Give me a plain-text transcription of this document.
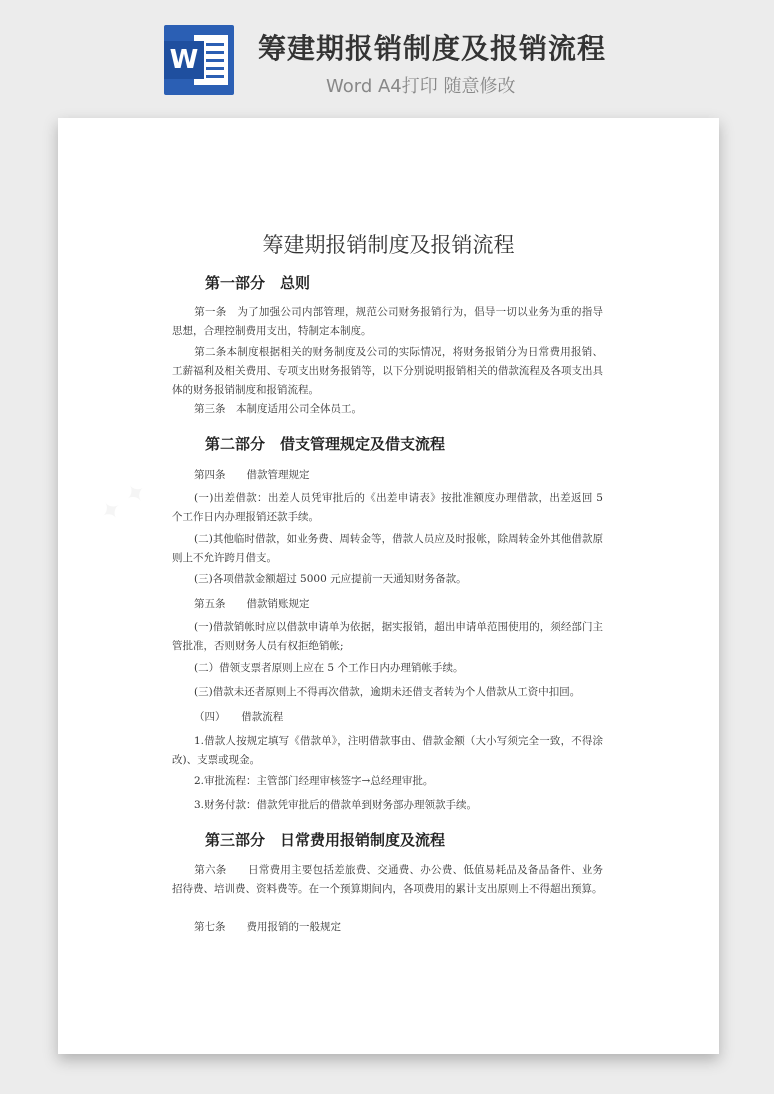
W 筹建期报销制度及报销流程
Word A4打印 随意修改
筹建期报销制度及报销流程
第一部分　总则
第一条　为了加强公司内部管理，规范公司财务报销行为，倡导一切以业务为重的指导思想，合理控制费用支出，特制定本制度。
第二条本制度根据相关的财务制度及公司的实际情况，将财务报销分为日常费用报销、工薪福利及相关费用、专项支出财务报销等，以下分别说明报销相关的借款流程及各项支出具体的财务报销制度和报销流程。
第三条　本制度适用公司全体员工。
第二部分　借支管理规定及借支流程
第四条　　借款管理规定
(一)出差借款：出差人员凭审批后的《出差申请表》按批准额度办理借款，出差返回 5 个工作日内办理报销还款手续。
(二)其他临时借款，如业务费、周转金等，借款人员应及时报帐，除周转金外其他借款原则上不允许跨月借支。
(三)各项借款金额超过 5000 元应提前一天通知财务备款。
第五条　　借款销账规定
(一)借款销帐时应以借款申请单为依据，据实报销，超出申请单范围使用的，须经部门主管批准，否则财务人员有权拒绝销帐;
(二）借领支票者原则上应在 5 个工作日内办理销帐手续。
(三)借款未还者原则上不得再次借款，逾期未还借支者转为个人借款从工资中扣回。
（四）　　借款流程
1.借款人按规定填写《借款单》，注明借款事由、借款金额（大小写须完全一致，不得涂改)、支票或现金。
2.审批流程：主管部门经理审核签字→总经理审批。
3.财务付款：借款凭审批后的借款单到财务部办理领款手续。
第三部分　日常费用报销制度及流程
第六条　　日常费用主要包括差旅费、交通费、办公费、低值易耗品及备品备件、业务招待费、培训费、资料费等。在一个预算期间内，各项费用的累计支出原则上不得超出预算。
第七条　　费用报销的一般规定
